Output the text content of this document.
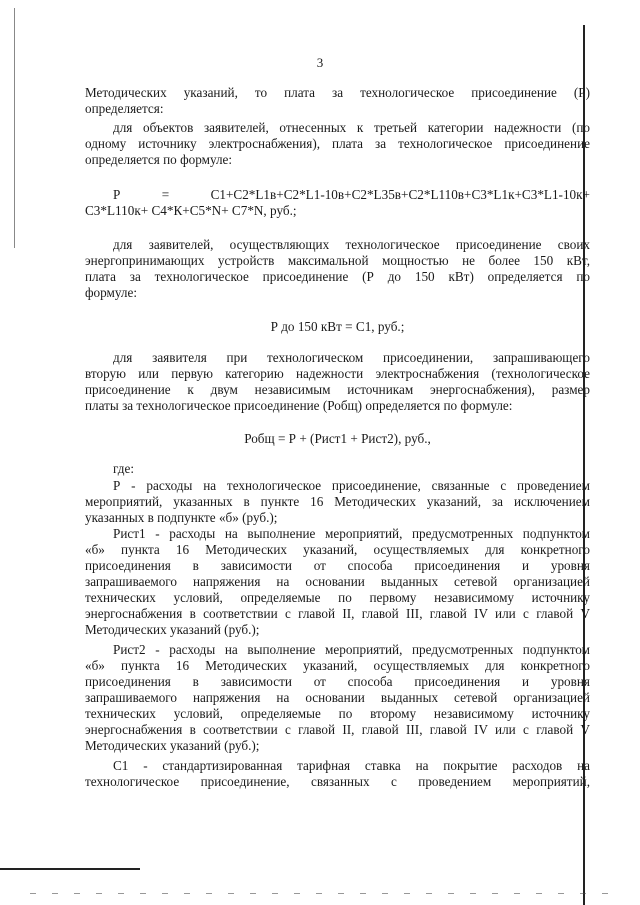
3
Методических указаний, то плата за технологическое присоединение (Р)
определяется:
для объектов заявителей, отнесенных к третьей категории надежности (по
одному источнику электроснабжения), плата за технологическое присоединение
определяется по формуле:
Р = С1+С2*L1в+С2*L1-10в+С2*L35в+С2*L110в+С3*L1к+С3*L1-10к+
С3*L110к+ С4*К+С5*N+ С7*N, руб.;
для заявителей, осуществляющих технологическое присоединение своих
энергопринимающих устройств максимальной мощностью не более 150 кВт,
плата за технологическое присоединение (Р до 150 кВт) определяется по
формуле:
Р до 150 кВт = С1, руб.;
для заявителя при технологическом присоединении, запрашивающего
вторую или первую категорию надежности электроснабжения (технологическое
присоединение к двум независимым источникам энергоснабжения), размер
платы за технологическое присоединение (Робщ) определяется по формуле:
Робщ = Р + (Рист1 + Рист2), руб.,
где:
Р - расходы на технологическое присоединение, связанные с проведением
мероприятий, указанных в пункте 16 Методических указаний, за исключением
указанных в подпункте «б» (руб.);
Рист1 - расходы на выполнение мероприятий, предусмотренных подпунктом
«б» пункта 16 Методических указаний, осуществляемых для конкретного
присоединения в зависимости от способа присоединения и уровня
запрашиваемого напряжения на основании выданных сетевой организацией
технических условий, определяемые по первому независимому источнику
энергоснабжения в соответствии с главой II, главой III, главой IV или с главой V
Методических указаний (руб.);
Рист2 - расходы на выполнение мероприятий, предусмотренных подпунктом
«б» пункта 16 Методических указаний, осуществляемых для конкретного
присоединения в зависимости от способа присоединения и уровня
запрашиваемого напряжения на основании выданных сетевой организацией
технических условий, определяемые по второму независимому источнику
энергоснабжения в соответствии с главой II, главой III, главой IV или с главой V
Методических указаний (руб.);
С1 - стандартизированная тарифная ставка на покрытие расходов на
технологическое присоединение, связанных с проведением мероприятий,
